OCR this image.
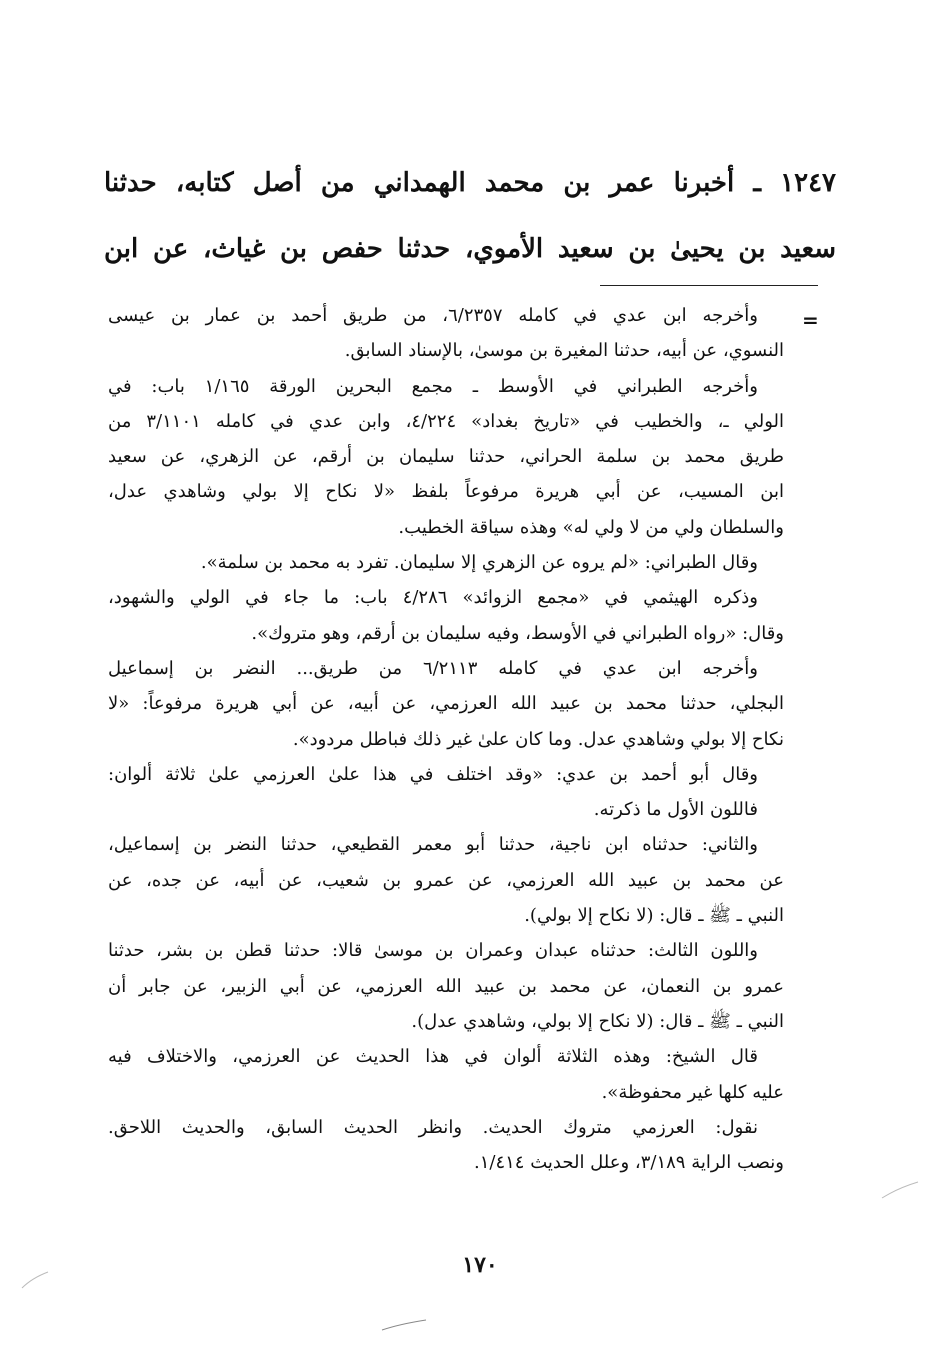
١٢٤٧ ـ أخبرنا عمر بن محمد الهمداني من أصل كتابه، حدثنا
سعيد بن يحيىٰ بن سعيد الأموي، حدثنا حفص بن غياث، عن ابن
=
وأخرجه ابن عدي في كامله ٦/٢٣٥٧، من طريق أحمد بن عمار بن عيسى
النسوي، عن أبيه، حدثنا المغيرة بن موسىٰ، بالإسناد السابق.
وأخرجه الطبراني في الأوسط ـ مجمع البحرين الورقة ١/١٦٥ باب: في
الولي ـ، والخطيب في «تاريخ بغداد» ٤/٢٢٤، وابن عدي في كامله ٣/١١٠١ من
طريق محمد بن سلمة الحراني، حدثنا سليمان بن أرقم، عن الزهري، عن سعيد
ابن المسيب، عن أبي هريرة مرفوعاً بلفظ «لا نكاح إلا بولي وشاهدي عدل،
والسلطان ولي من لا ولي له» وهذه سياقة الخطيب.
وقال الطبراني: «لم يروه عن الزهري إلا سليمان. تفرد به محمد بن سلمة».
وذكره الهيثمي في «مجمع الزوائد» ٤/٢٨٦ باب: ما جاء في الولي والشهود،
وقال: «رواه الطبراني في الأوسط، وفيه سليمان بن أرقم، وهو متروك».
وأخرجه ابن عدي في كامله ٦/٢١١٣ من طريق... النضر بن إسماعيل
البجلي، حدثنا محمد بن عبيد الله العرزمي، عن أبيه، عن أبي هريرة مرفوعاً: «لا
نكاح إلا بولي وشاهدي عدل. وما كان علىٰ غير ذلك فباطل مردود».
وقال أبو أحمد بن عدي: «وقد اختلف في هذا علىٰ العرزمي علىٰ ثلاثة ألوان:
فاللون الأول ما ذكرته.
والثاني: حدثناه ابن ناجية، حدثنا أبو معمر القطيعي، حدثنا النضر بن إسماعيل،
عن محمد بن عبيد الله العرزمي، عن عمرو بن شعيب، عن أبيه، عن جده، عن
النبي ـ ﷺ ـ قال: (لا نكاح إلا بولي).
واللون الثالث: حدثناه عبدان وعمران بن موسىٰ قالا: حدثنا قطن بن بشر، حدثنا
عمرو بن النعمان، عن محمد بن عبيد الله العرزمي، عن أبي الزبير، عن جابر أن
النبي ـ ﷺ ـ قال: (لا نكاح إلا بولي، وشاهدي عدل).
قال الشيخ: وهذه الثلاثة ألوان في هذا الحديث عن العرزمي، والاختلاف فيه
عليه كلها غير محفوظة».
نقول: العرزمي متروك الحديث. وانظر الحديث السابق، والحديث اللاحق.
ونصب الراية ٣/١٨٩، وعلل الحديث ١/٤١٤.
١٧٠
